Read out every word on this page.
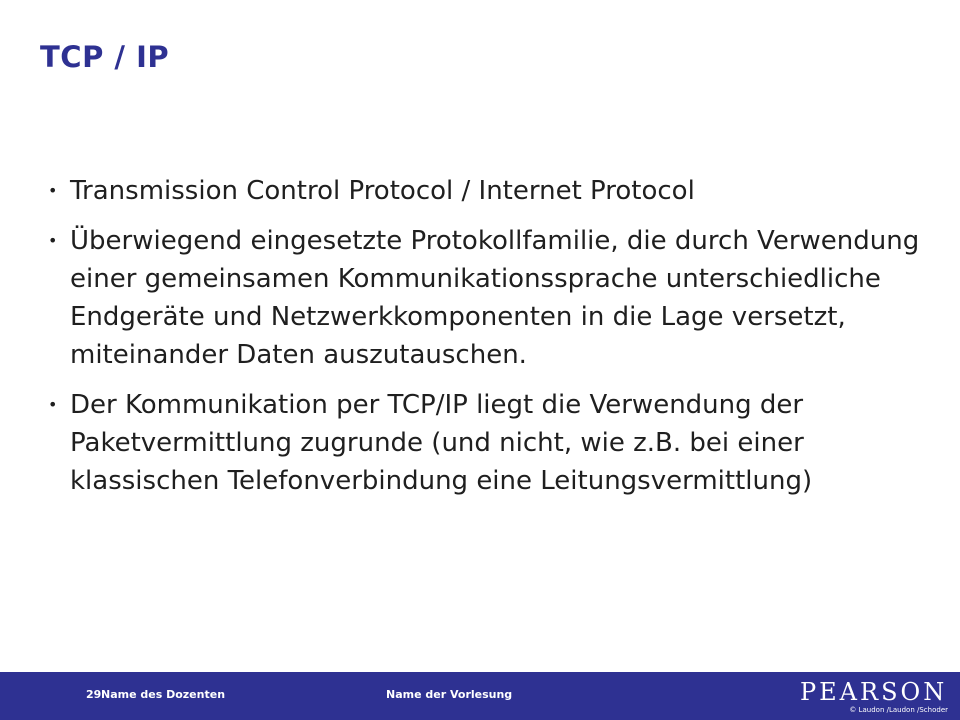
TCP / IP
• Transmission Control Protocol / Internet Protocol
• Überwiegend eingesetzte Protokollfamilie, die durch Verwendung einer gemeinsamen Kommunikationssprache unterschiedliche Endgeräte und Netzwerkkomponenten in die Lage versetzt, miteinander Daten auszutauschen.
• Der Kommunikation per TCP/IP liegt die Verwendung der Paketvermittlung zugrunde (und nicht, wie z.B. bei einer klassischen Telefonverbindung eine Leitungsvermittlung)
29 Name des Dozenten	Name der Vorlesung	PEARSON
© Laudon /Laudon /Schoder
